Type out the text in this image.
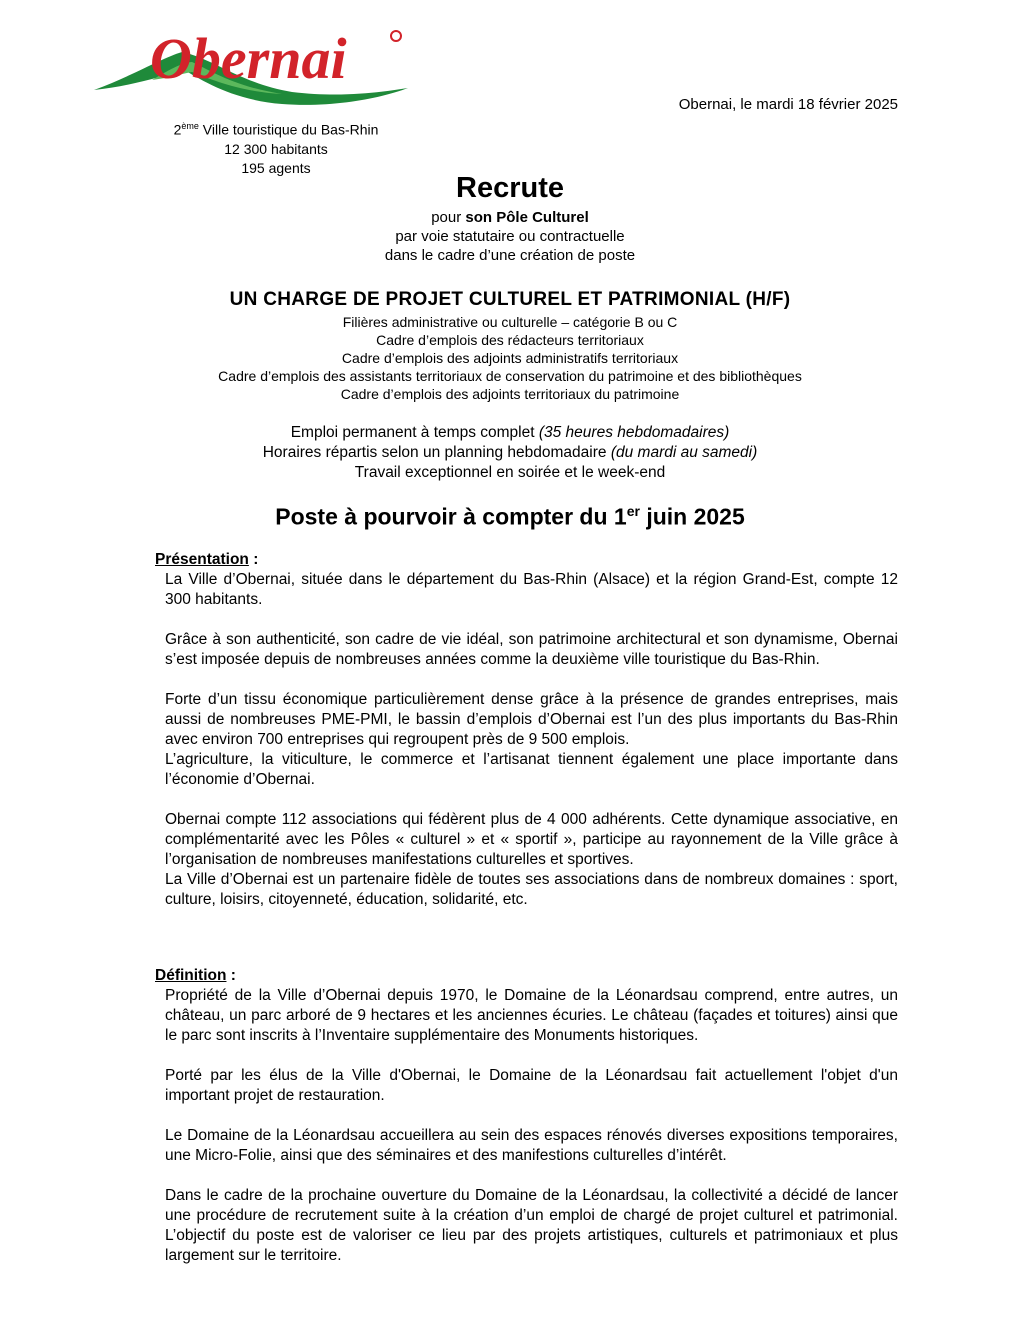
Obernai
2ème Ville touristique du Bas-Rhin
12 300 habitants
195 agents
Obernai, le mardi 18 février 2025
Recrute
pour son Pôle Culturel
par voie statutaire ou contractuelle
dans le cadre d’une création de poste
UN CHARGE DE PROJET CULTUREL ET PATRIMONIAL (H/F)
Filières administrative ou culturelle – catégorie B ou C
Cadre d’emplois des rédacteurs territoriaux
Cadre d’emplois des adjoints administratifs territoriaux
Cadre d’emplois des assistants territoriaux de conservation du patrimoine et des bibliothèques
Cadre d’emplois des adjoints territoriaux du patrimoine
Emploi permanent à temps complet (35 heures hebdomadaires)
Horaires répartis selon un planning hebdomadaire (du mardi au samedi)
Travail exceptionnel en soirée et le week-end
Poste à pourvoir à compter du 1er juin 2025
Présentation :

La Ville d’Obernai, située dans le département du Bas-Rhin (Alsace) et la région Grand-Est, compte 12 300 habitants.

Grâce à son authenticité, son cadre de vie idéal, son patrimoine architectural et son dynamisme, Obernai s’est imposée depuis de nombreuses années comme la deuxième ville touristique du Bas-Rhin.

Forte d’un tissu économique particulièrement dense grâce à la présence de grandes entreprises, mais aussi de nombreuses PME-PMI, le bassin d’emplois d’Obernai est l’un des plus importants du Bas-Rhin avec environ 700 entreprises qui regroupent près de 9 500 emplois.

L’agriculture, la viticulture, le commerce et l’artisanat tiennent également une place importante dans l’économie d’Obernai.

Obernai compte 112 associations qui fédèrent plus de 4 000 adhérents. Cette dynamique associative, en complémentarité avec les Pôles « culturel » et « sportif », participe au rayonnement de la Ville grâce à l’organisation de nombreuses manifestations culturelles et sportives.

La Ville d’Obernai est un partenaire fidèle de toutes ses associations dans de nombreux domaines : sport, culture, loisirs, citoyenneté, éducation, solidarité, etc.

Définition :

Propriété de la Ville d’Obernai depuis 1970, le Domaine de la Léonardsau comprend, entre autres, un château, un parc arboré de 9 hectares et les anciennes écuries. Le château (façades et toitures) ainsi que le parc sont inscrits à l’Inventaire supplémentaire des Monuments historiques.

Porté par les élus de la Ville d'Obernai, le Domaine de la Léonardsau fait actuellement l'objet d'un important projet de restauration.

Le Domaine de la Léonardsau accueillera au sein des espaces rénovés diverses expositions temporaires, une Micro-Folie, ainsi que des séminaires et des manifestions culturelles d’intérêt.

Dans le cadre de la prochaine ouverture du Domaine de la Léonardsau, la collectivité a décidé de lancer une procédure de recrutement suite à la création d’un emploi de chargé de projet culturel et patrimonial. L’objectif du poste est de valoriser ce lieu par des projets artistiques, culturels et patrimoniaux et plus largement sur le territoire.
